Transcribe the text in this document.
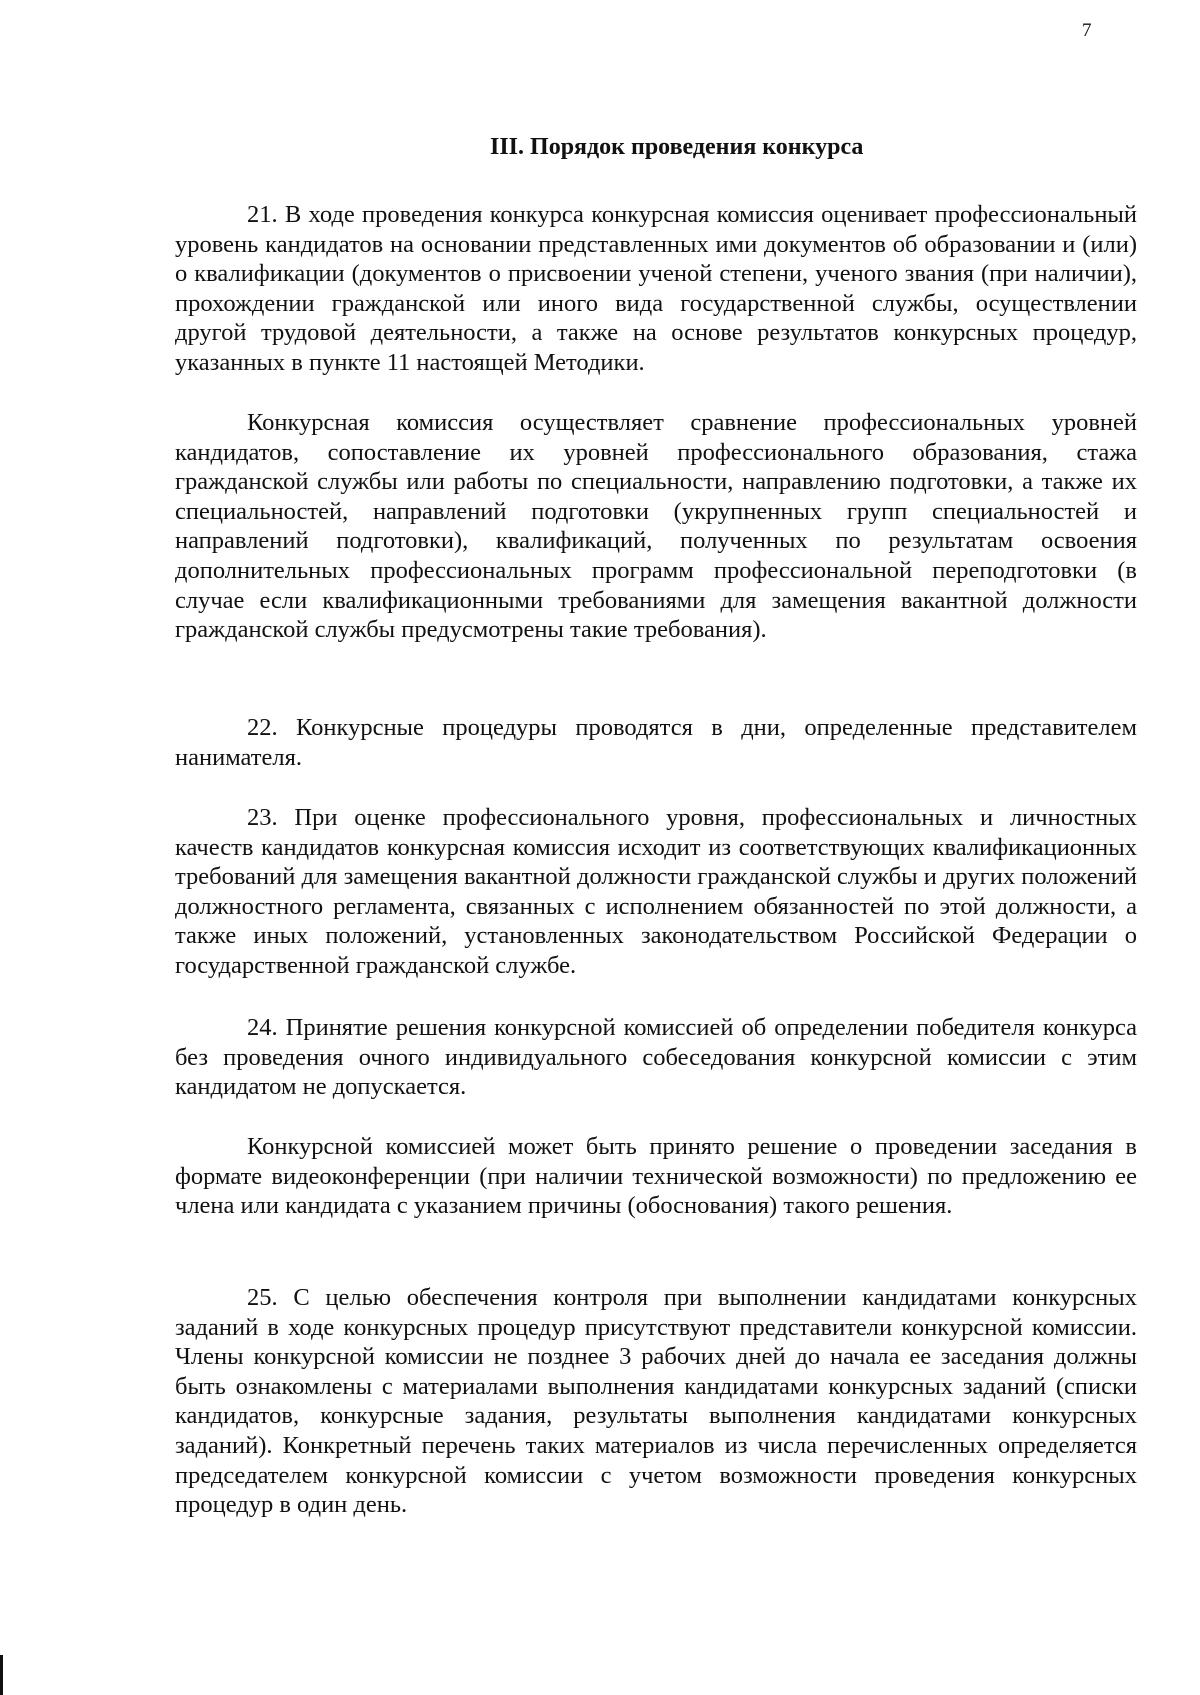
7
III. Порядок проведения конкурса

21. В ходе проведения конкурса конкурсная комиссия оценивает профессиональный уровень кандидатов на основании представленных ими документов об образовании и (или) о квалификации (документов о присвоении ученой степени, ученого звания (при наличии), прохождении гражданской или иного вида государственной службы, осуществлении другой трудовой деятельности, а также на основе результатов конкурсных процедур, указанных в пункте 11 настоящей Методики.

Конкурсная комиссия осуществляет сравнение профессиональных уровней кандидатов, сопоставление их уровней профессионального образования, стажа гражданской службы или работы по специальности, направлению подготовки, а также их специальностей, направлений подготовки (укрупненных групп специальностей и направлений подготовки), квалификаций, полученных по результатам освоения дополнительных профессиональных программ профессиональной переподготовки (в случае если квалификационными требованиями для замещения вакантной должности гражданской службы предусмотрены такие требования).

22. Конкурсные процедуры проводятся в дни, определенные представителем нанимателя.

23. При оценке профессионального уровня, профессиональных и личностных качеств кандидатов конкурсная комиссия исходит из соответствующих квалификационных требований для замещения вакантной должности гражданской службы и других положений должностного регламента, связанных с исполнением обязанностей по этой должности, а также иных положений, установленных законодательством Российской Федерации о государственной гражданской службе.

24. Принятие решения конкурсной комиссией об определении победителя конкурса без проведения очного индивидуального собеседования конкурсной комиссии с этим кандидатом не допускается.

Конкурсной комиссией может быть принято решение о проведении заседания в формате видеоконференции (при наличии технической возможности) по предложению ее члена или кандидата с указанием причины (обоснования) такого решения.

25. С целью обеспечения контроля при выполнении кандидатами конкурсных заданий в ходе конкурсных процедур присутствуют представители конкурсной комиссии. Члены конкурсной комиссии не позднее 3 рабочих дней до начала ее заседания должны быть ознакомлены с материалами выполнения кандидатами конкурсных заданий (списки кандидатов, конкурсные задания, результаты выполнения кандидатами конкурсных заданий). Конкретный перечень таких материалов из числа перечисленных определяется председателем конкурсной комиссии с учетом возможности проведения конкурсных процедур в один день.
